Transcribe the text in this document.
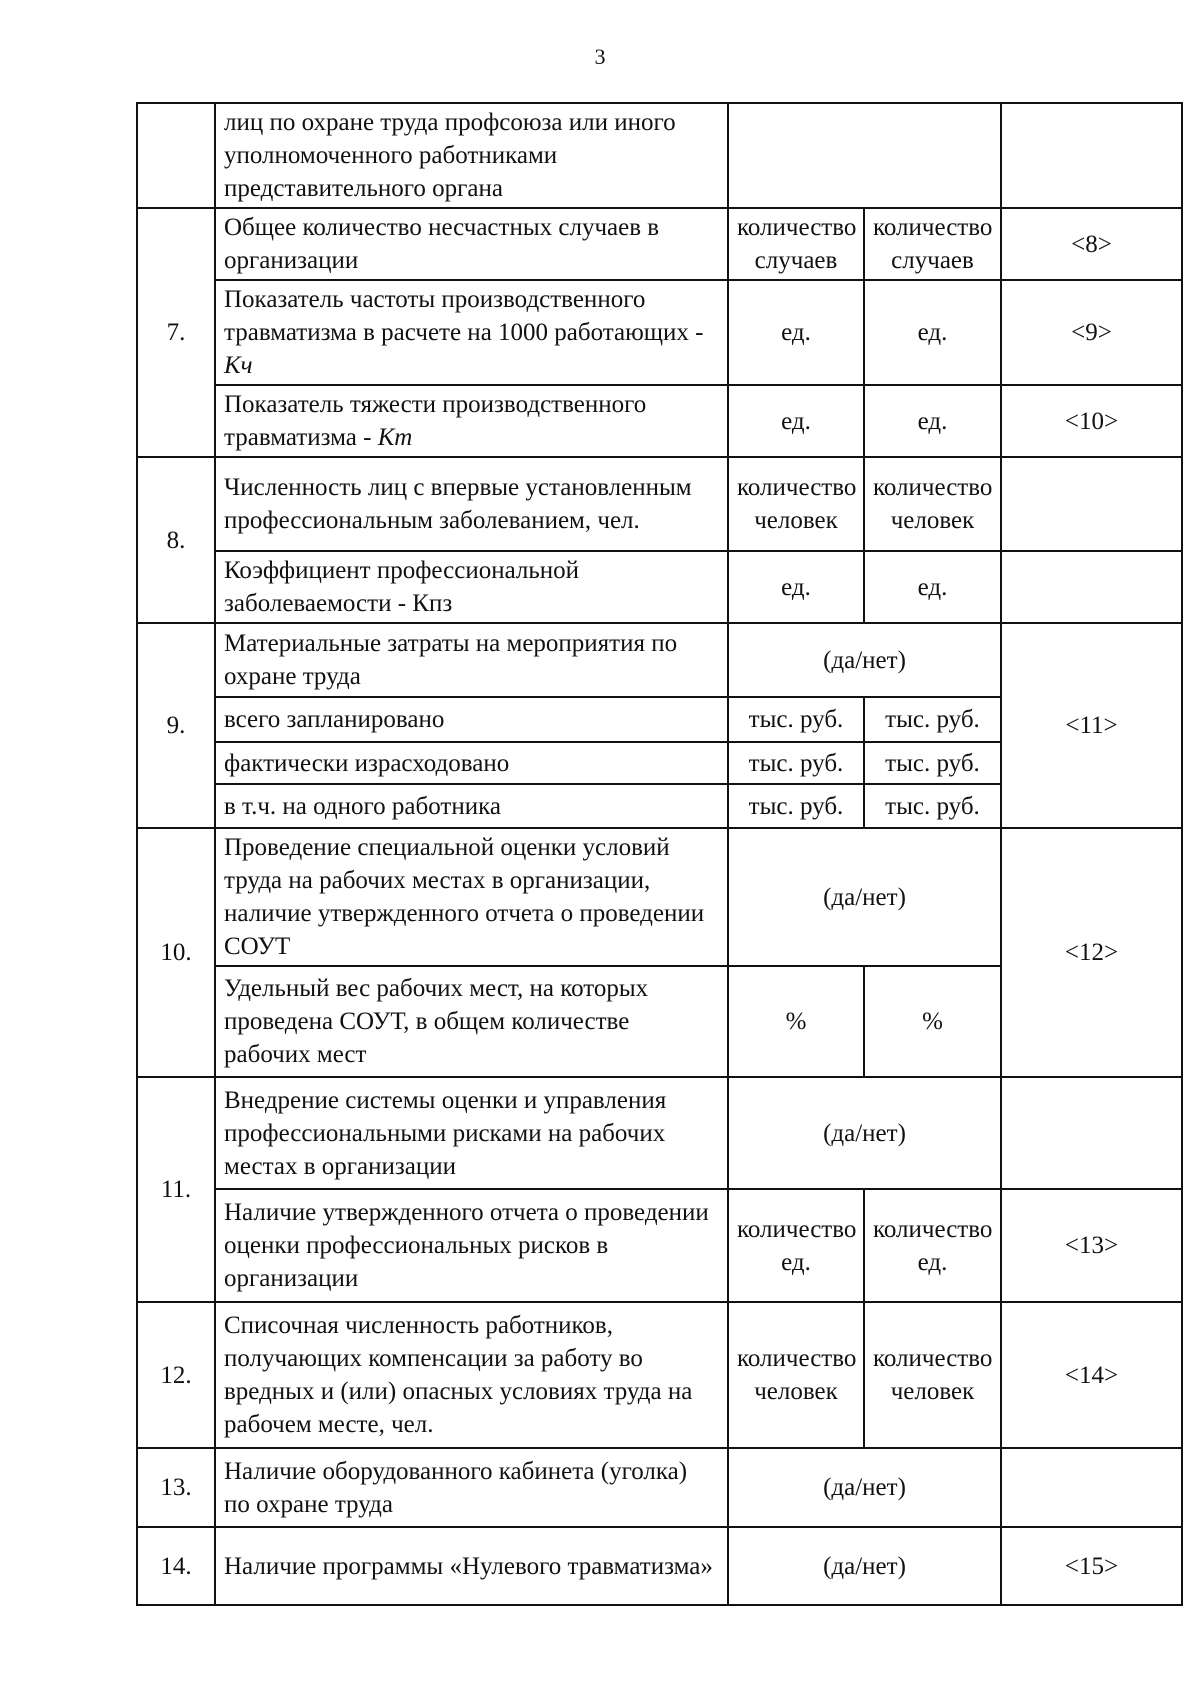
3
	лиц по охране труда профсоюза или иного уполномоченного работниками представительного органа			
7.	Общее количество несчастных случаев в организации	количество случаев	количество случаев	<8>
	Показатель частоты производственного травматизма в расчете на 1000 работающих - Кч	ед.	ед.	<9>
	Показатель тяжести производственного травматизма - Кт	ед.	ед.	<10>
8.	Численность лиц с впервые установленным профессиональным заболеванием, чел.	количество человек	количество человек	
	Коэффициент профессиональной заболеваемости - Кпз	ед.	ед.	
9.	Материальные затраты на мероприятия по охране труда	(да/нет)		<11>
	всего запланировано	тыс. руб.	тыс. руб.	
	фактически израсходовано	тыс. руб.	тыс. руб.	
	в т.ч. на одного работника	тыс. руб.	тыс. руб.	
10.	Проведение специальной оценки условий труда на рабочих местах в организации, наличие утвержденного отчета о проведении СОУТ	(да/нет)		<12>
	Удельный вес рабочих мест, на которых проведена СОУТ, в общем количестве рабочих мест	%	%	
11.	Внедрение системы оценки и управления профессиональными рисками на рабочих местах в организации	(да/нет)		
	Наличие утвержденного отчета о проведении оценки профессиональных рисков в организации	количество ед.	количество ед.	<13>
12.	Списочная численность работников, получающих компенсации за работу во вредных и (или) опасных условиях труда на рабочем месте, чел.	количество человек	количество человек	<14>
13.	Наличие оборудованного кабинета (уголка) по охране труда	(да/нет)		
14.	Наличие программы «Нулевого травматизма»	(да/нет)		<15>
